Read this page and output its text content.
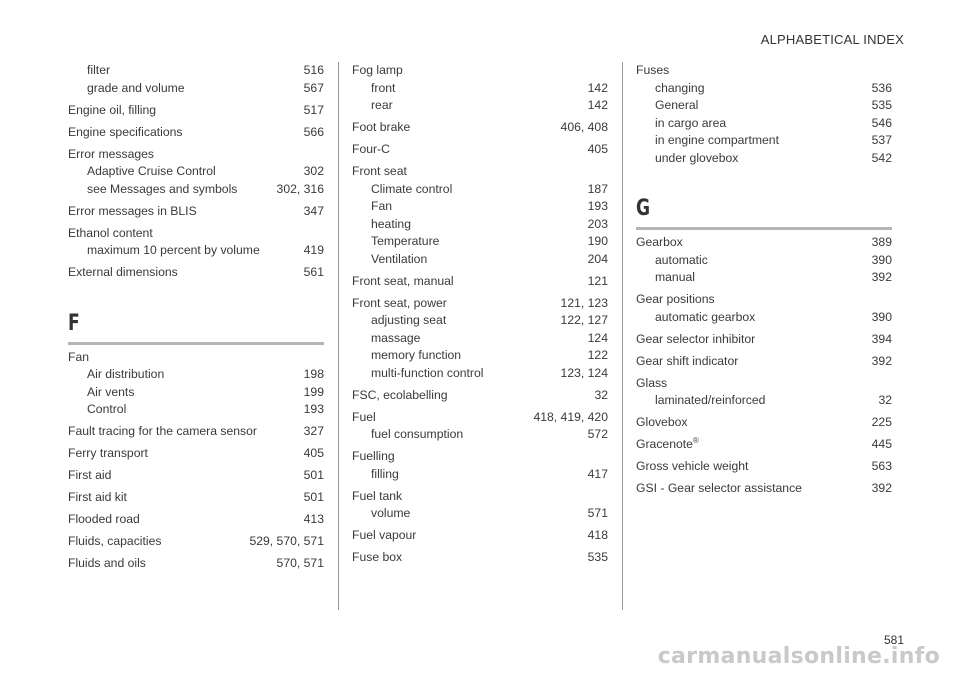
ALPHABETICAL INDEX
filter	516
grade and volume	567
Engine oil, filling	517
Engine specifications	566
Error messages
Adaptive Cruise Control	302
see Messages and symbols	302, 316
Error messages in BLIS	347
Ethanol content
maximum 10 percent by volume	419
External dimensions	561
F
Fan
Air distribution	198
Air vents	199
Control	193
Fault tracing for the camera sensor	327
Ferry transport	405
First aid	501
First aid kit	501
Flooded road	413
Fluids, capacities	529, 570, 571
Fluids and oils	570, 571
Fog lamp
front	142
rear	142
Foot brake	406, 408
Four-C	405
Front seat
Climate control	187
Fan	193
heating	203
Temperature	190
Ventilation	204
Front seat, manual	121
Front seat, power	121, 123
adjusting seat	122, 127
massage	124
memory function	122
multi-function control	123, 124
FSC, ecolabelling	32
Fuel	418, 419, 420
fuel consumption	572
Fuelling
filling	417
Fuel tank
volume	571
Fuel vapour	418
Fuse box	535
Fuses
changing	536
General	535
in cargo area	546
in engine compartment	537
under glovebox	542
G
Gearbox	389
automatic	390
manual	392
Gear positions
automatic gearbox	390
Gear selector inhibitor	394
Gear shift indicator	392
Glass
laminated/reinforced	32
Glovebox	225
Gracenote®	445
Gross vehicle weight	563
GSI - Gear selector assistance	392
581
carmanualsonline.info
